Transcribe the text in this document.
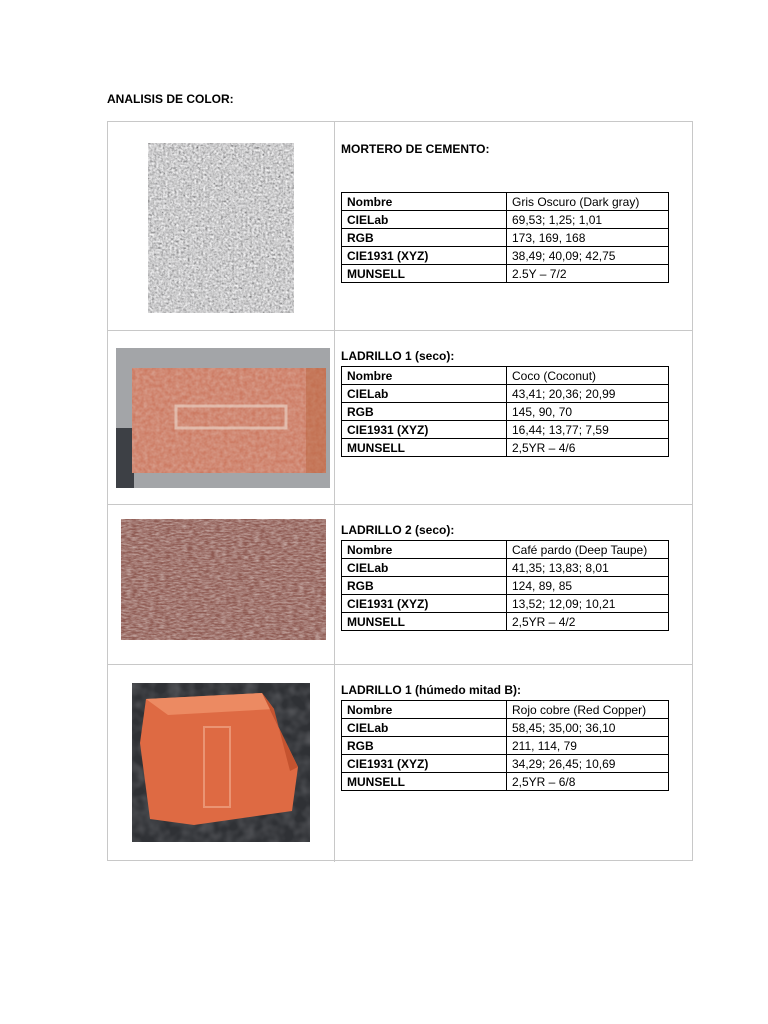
ANALISIS DE COLOR:
MORTERO DE CEMENTO:
Nombre	Gris Oscuro (Dark gray)
CIELab	69,53; 1,25; 1,01
RGB	173, 169, 168
CIE1931 (XYZ)	38,49; 40,09; 42,75
MUNSELL	2.5Y – 7/2
LADRILLO 1 (seco):
Nombre	Coco (Coconut)
CIELab	43,41; 20,36; 20,99
RGB	145, 90, 70
CIE1931 (XYZ)	16,44; 13,77; 7,59
MUNSELL	2,5YR – 4/6
LADRILLO 2 (seco):
Nombre	Café pardo (Deep Taupe)
CIELab	41,35; 13,83; 8,01
RGB	124, 89, 85
CIE1931 (XYZ)	13,52; 12,09; 10,21
MUNSELL	2,5YR – 4/2
LADRILLO 1 (húmedo mitad B):
Nombre	Rojo cobre (Red Copper)
CIELab	58,45; 35,00; 36,10
RGB	211, 114, 79
CIE1931 (XYZ)	34,29; 26,45; 10,69
MUNSELL	2,5YR – 6/8
